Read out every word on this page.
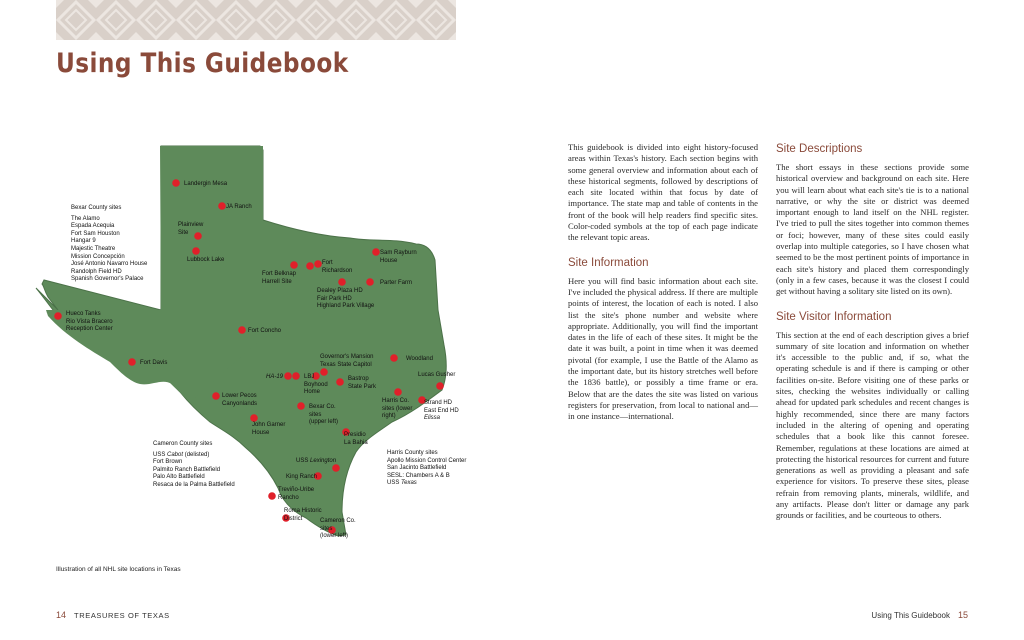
Using This Guidebook
Landergin Mesa
JA Ranch
Plainview
Site
Lubbock Lake
Fort Belknap
Harrell Site
Fort
Richardson
Sam Rayburn
House
Parter Farm
Dealey Plaza HD
Fair Park HD
Highland Park Village
Hueco Tanks
Rio Vista Bracero
Reception Center	Fort Concho
Fort Davis
Governor's Mansion
Texas State Capitol
Woodland
HA-19	LBJ
Boyhood
Home
Bastrop
State Park
Lucas Gusher
Lower Pecos
Canyonlands	Harris Co.
sites (lower
right)
Strand HD
East End HD
Elissa
Bexar Co.
sites
(upper left)
John Garner
House	Presidio
La Bahia
USS Lexington
King Ranch
Treviño-Uribe
Rancho
Roma Historic
District	Cameron Co.
sites
(lower left)
Bexar County sites
The Alamo
Espada Acequia
Fort Sam Houston
Hangar 9
Majestic Theatre
Mission Concepción
José Antonio Navarro House
Randolph Field HD
Spanish Governor's Palace
Cameron County sites
USS Cabot (delisted)
Fort Brown
Palmito Ranch Battlefield
Palo Alto Battlefield
Resaca de la Palma Battlefield
Harris County sites
Apollo Mission Control Center
San Jacinto Battlefield
SESL: Chambers A & B
USS Texas
Illustration of all NHL site locations in Texas

This guidebook is divided into eight history-focused areas within Texas's history. Each section begins with some general overview and information about each of these historical segments, followed by descriptions of each site located within that focus by date of importance. The state map and table of contents in the front of the book will help readers find specific sites. Color-coded symbols at the top of each page indicate the relevant topic areas.

Site Information

Here you will find basic information about each site. I've included the physical address. If there are multiple points of interest, the location of each is noted. I also list the site's phone number and website where appropriate. Additionally, you will find the important dates in the life of each of these sites. It might be the date it was built, a point in time when it was deemed pivotal (for example, I use the Battle of the Alamo as the important date, but its history stretches well before the 1836 battle), or possibly a time frame or era. Below that are the dates the site was listed on various registers for preservation, from local to national and—in one instance—international.

Site Descriptions

The short essays in these sections provide some historical overview and background on each site. Here you will learn about what each site's tie is to a national narrative, or why the site or district was deemed important enough to land itself on the NHL register. I've tried to pull the sites together into common themes or foci; however, many of these sites could easily overlap into multiple categories, so I have chosen what seemed to be the most pertinent points of importance in each site's history and placed them correspondingly (only in a few cases, because it was the closest I could get without having a solitary site listed on its own).

Site Visitor Information

This section at the end of each description gives a brief summary of site location and information on whether it's accessible to the public and, if so, what the operating schedule is and if there is camping or other facilities on-site. Before visiting one of these parks or sites, checking the websites individually or calling ahead for updated park schedules and recent changes is highly recommended, since there are many factors included in the altering of opening and operating schedules that a book like this cannot foresee. Remember, regulations at these locations are aimed at protecting the historical resources for current and future generations as well as providing a pleasant and safe experience for visitors. To preserve these sites, please refrain from removing plants, minerals, wildlife, and any artifacts. Please don't litter or damage any park grounds or facilities, and be courteous to others.

14 TREASURES OF TEXAS	Using This Guidebook 15
